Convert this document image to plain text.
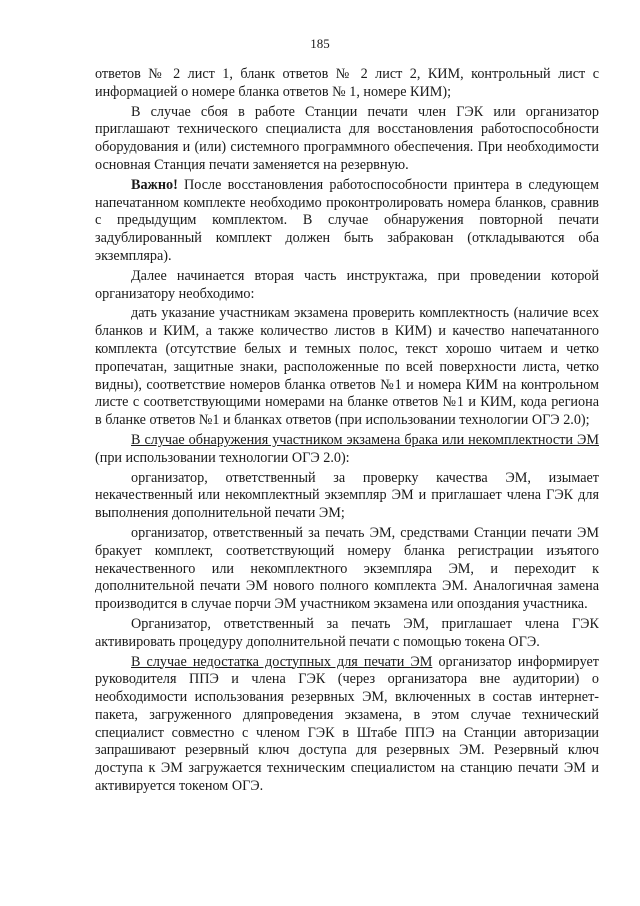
185

ответов № 2 лист 1, бланк ответов № 2 лист 2, КИМ, контрольный лист с информацией о номере бланка ответов № 1, номере КИМ);

В случае сбоя в работе Станции печати член ГЭК или организатор приглашают технического специалиста для восстановления работоспособности оборудования и (или) системного программного обеспечения. При необходимости основная Станция печати заменяется на резервную.

Важно! После восстановления работоспособности принтера в следующем напечатанном комплекте необходимо проконтролировать номера бланков, сравнив с предыдущим комплектом. В случае обнаружения повторной печати задублированный комплект должен быть забракован (откладываются оба экземпляра).

Далее начинается вторая часть инструктажа, при проведении которой организатору необходимо:

дать указание участникам экзамена проверить комплектность (наличие всех бланков и КИМ, а также количество листов в КИМ) и качество напечатанного комплекта (отсутствие белых и темных полос, текст хорошо читаем и четко пропечатан, защитные знаки, расположенные по всей поверхности листа, четко видны), соответствие номеров бланка ответов №1 и номера КИМ на контрольном листе с соответствующими номерами на бланке ответов №1 и КИМ, кода региона в бланке ответов №1 и бланках ответов (при использовании технологии ОГЭ 2.0);

В случае обнаружения участником экзамена брака или некомплектности ЭМ (при использовании технологии ОГЭ 2.0):

организатор, ответственный за проверку качества ЭМ, изымает некачественный или некомплектный экземпляр ЭМ и приглашает члена ГЭК для выполнения дополнительной печати ЭМ;

организатор, ответственный за печать ЭМ, средствами Станции печати ЭМ бракует комплект, соответствующий номеру бланка регистрации изъятого некачественного или некомплектного экземпляра ЭМ, и переходит к дополнительной печати ЭМ нового полного комплекта ЭМ. Аналогичная замена производится в случае порчи ЭМ участником экзамена или опоздания участника.

Организатор, ответственный за печать ЭМ, приглашает члена ГЭК активировать процедуру дополнительной печати с помощью токена ОГЭ.

В случае недостатка доступных для печати ЭМ организатор информирует руководителя ППЭ и члена ГЭК (через организатора вне аудитории) о необходимости использования резервных ЭМ, включенных в состав интернет-пакета, загруженного дляпроведения экзамена, в этом случае технический специалист совместно с членом ГЭК в Штабе ППЭ на Станции авторизации запрашивают резервный ключ доступа для резервных ЭМ. Резервный ключ доступа к ЭМ загружается техническим специалистом на станцию печати ЭМ и активируется токеном ОГЭ.
